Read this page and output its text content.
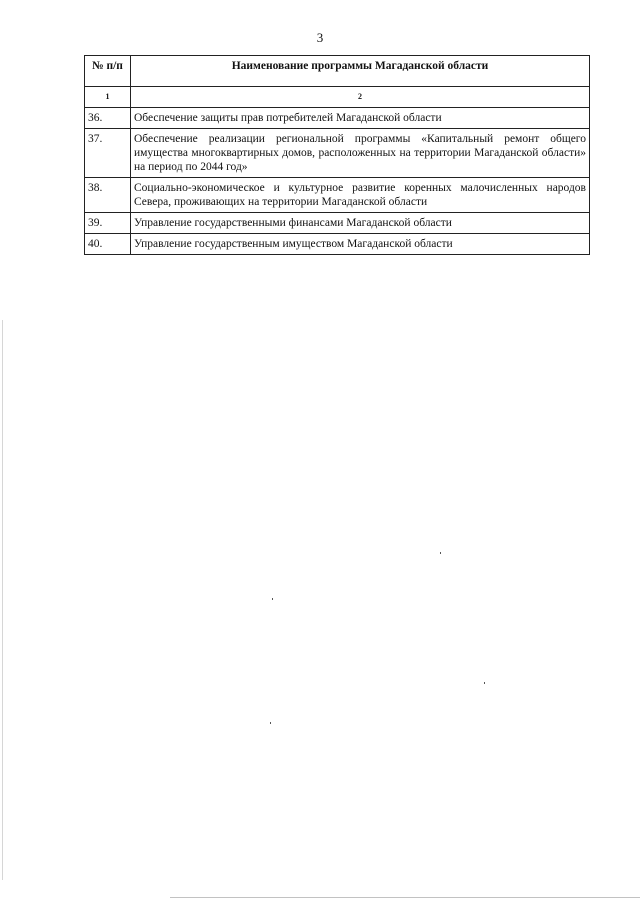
3
№ п/п	Наименование программы Магаданской области
1	2
36.	Обеспечение защиты прав потребителей Магаданской области
37.	Обеспечение реализации региональной программы «Капитальный ремонт общего имущества многоквартирных домов, расположенных на территории Магаданской области» на период по 2044 год»
38.	Социально-экономическое и культурное развитие коренных малочисленных народов Севера, проживающих на территории Магаданской области
39.	Управление государственными финансами Магаданской области
40.	Управление государственным имуществом Магаданской области
